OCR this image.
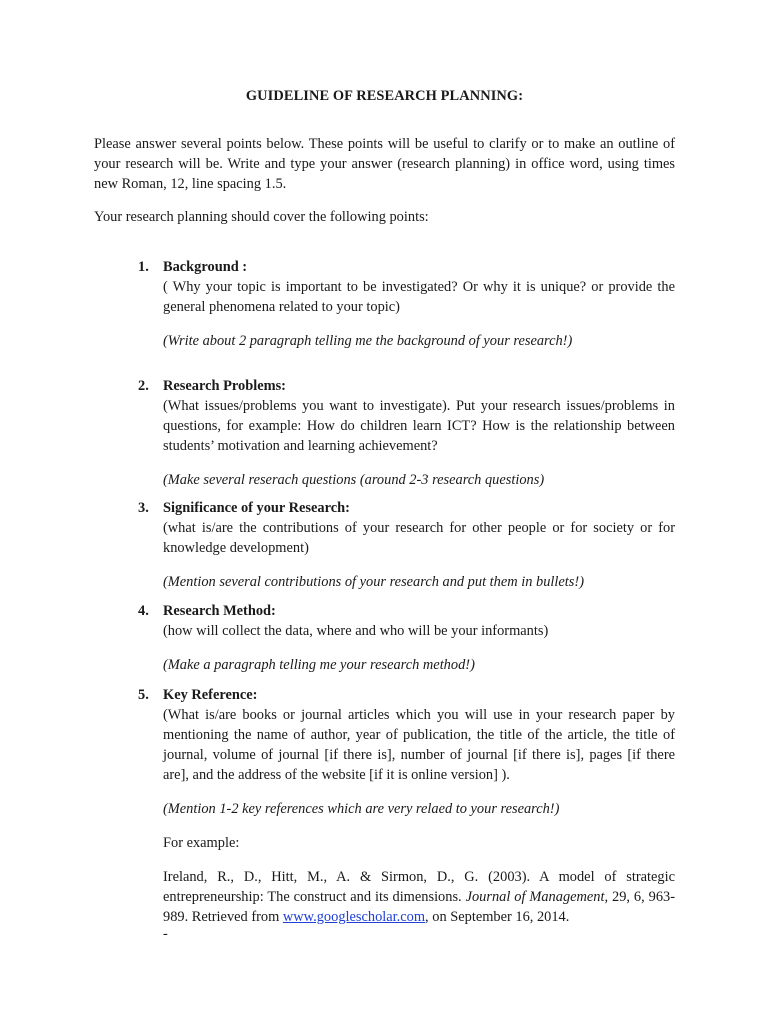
GUIDELINE OF RESEARCH PLANNING:
Please answer several points below. These points will be useful to clarify or to make an outline of your research will be. Write and type your answer (research planning) in office word, using times new Roman, 12, line spacing 1.5.
Your research planning should cover the following points:
1. Background :
( Why your topic is important to be investigated? Or why it is unique? or provide the general phenomena related to your topic)
(Write about 2 paragraph telling me the background of your research!)
2. Research Problems:
(What issues/problems you want to investigate). Put your research issues/problems in questions, for example: How do children learn ICT? How is the relationship between students’ motivation and learning achievement?
(Make several reserach questions (around 2-3 research questions)
3. Significance of your Research:
(what is/are the contributions of your research for other people or for society or for knowledge development)
(Mention several contributions of your research and put them in bullets!)
4. Research Method:
(how will collect the data, where and who will be your informants)
(Make a paragraph telling me your research method!)
5. Key Reference:
(What is/are books or journal articles which you will use in your research paper by mentioning the name of author, year of publication, the title of the article, the title of journal, volume of journal [if there is], number of journal [if there is], pages [if there are], and the address of the website [if it is online version] ).
(Mention 1-2 key references which are very relaed to your research!)
For example:
Ireland, R., D., Hitt, M., A. & Sirmon, D., G. (2003). A model of strategic entrepreneurship: The construct and its dimensions. Journal of Management, 29, 6, 963-989. Retrieved from www.googlescholar.com, on September 16, 2014.
-
